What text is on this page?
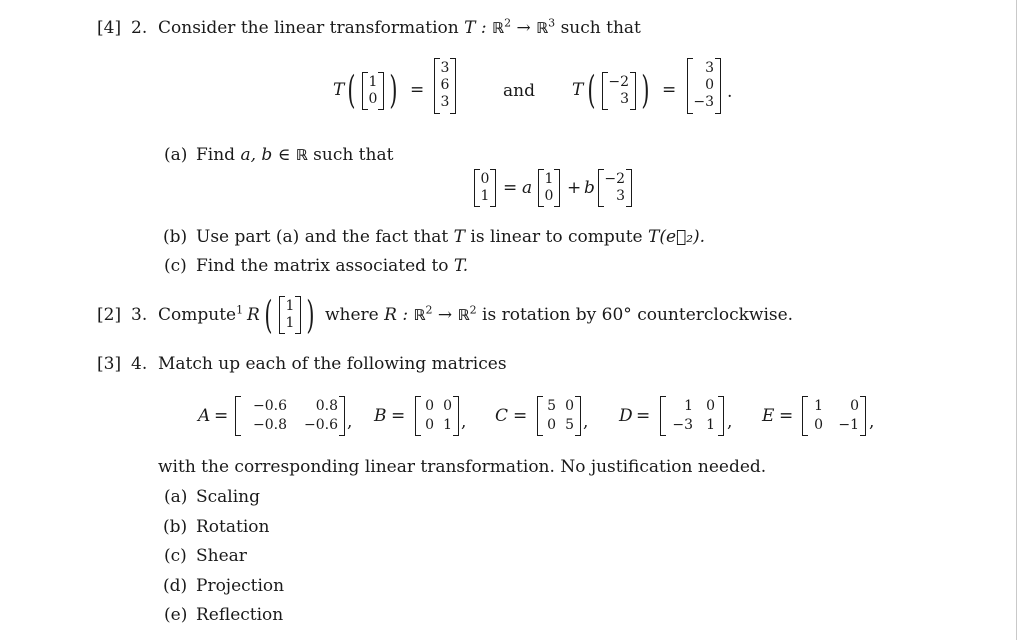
[4] 2. Consider the linear transformation T : ℝ$^2$ → ℝ$^3$ such that
T ( 1
0 ) =
3
6
3
and T ( −2
3 ) =
3
0
−3 .
(a) Find a, b ∈ ℝ such that
0
1 = a 1
0 + b −2
3
(b) Use part (a) and the fact that T is linear to compute T(e⃗₂).
(c) Find the matrix associated to T.
[2] 3. Compute$^1$ R ( 1
1 ) where R : ℝ$^2$ → ℝ$^2$ is rotation by 60° counterclockwise.
[3] 4. Match up each of the following matrices
A =	−0.6	0.8
−0.8	−0.6 , B =	0 0
0 1 , C =	5 0
0 5 , D =	1 0
−3 1 , E =	1	0
0	−1 ,
with the corresponding linear transformation. No justification needed.
(a) Scaling
(b) Rotation
(c) Shear
(d) Projection
(e) Reflection
